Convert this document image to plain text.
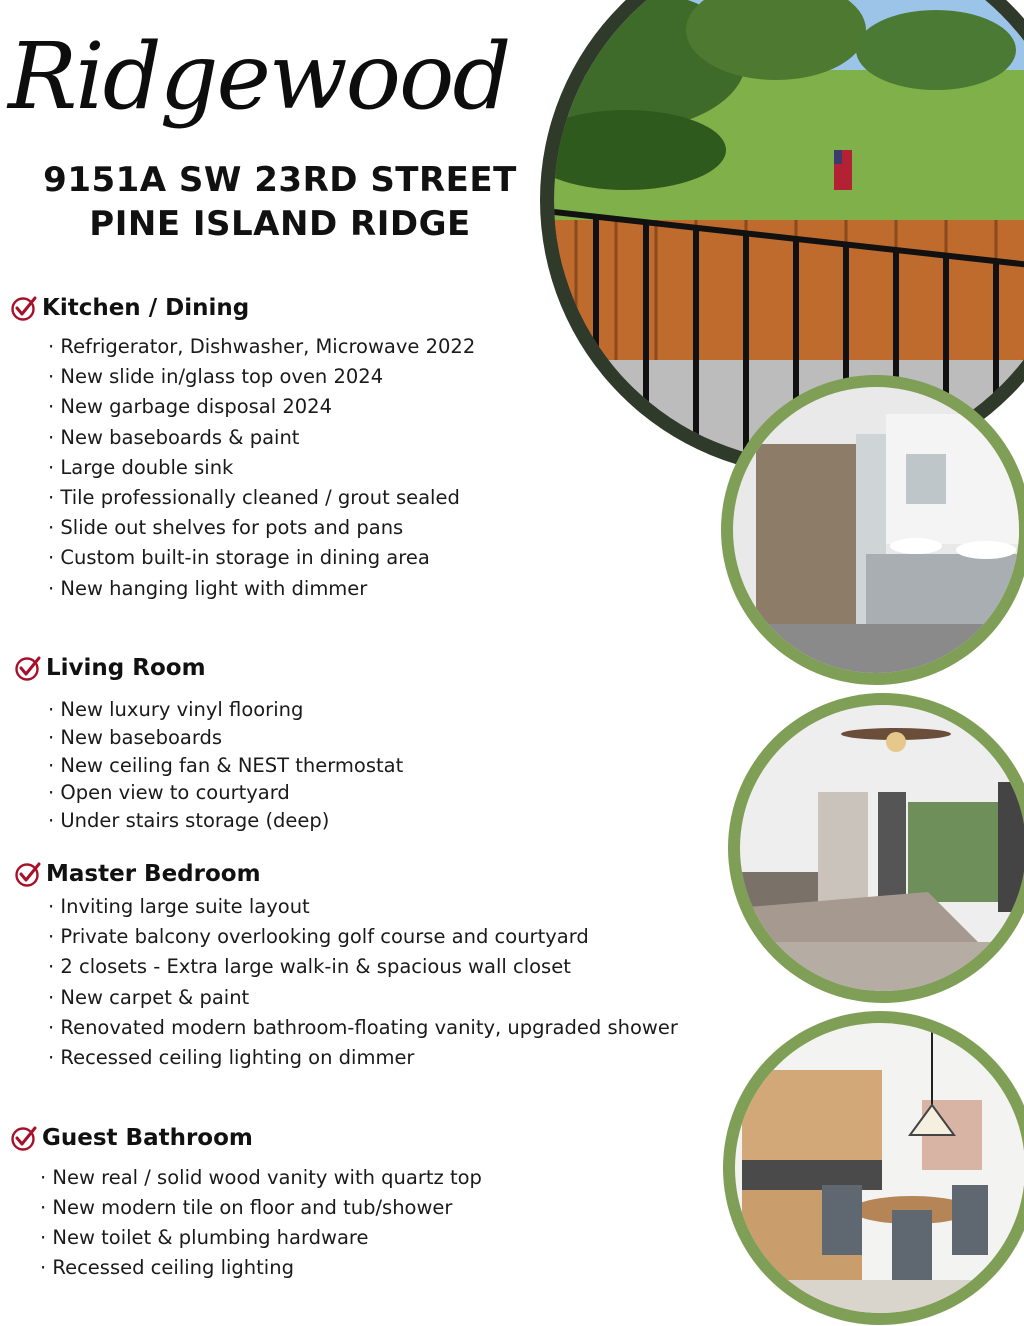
Ridgewood
9151A SW 23RD STREET
PINE ISLAND RIDGE
Kitchen / Dining
· Refrigerator, Dishwasher, Microwave 2022
· New slide in/glass top oven 2024
· New garbage disposal 2024
· New baseboards & paint
· Large double sink
· Tile professionally cleaned / grout sealed
· Slide out shelves for pots and pans
· Custom built-in storage in dining area
· New hanging light with dimmer
Living Room
· New luxury vinyl flooring
· New baseboards
· New ceiling fan & NEST thermostat
· Open view to courtyard
· Under stairs storage (deep)
Master Bedroom
· Inviting large suite layout
· Private balcony overlooking golf course and courtyard
· 2 closets - Extra large walk-in & spacious wall closet
· New carpet & paint
· Renovated modern bathroom-floating vanity, upgraded shower
· Recessed ceiling lighting on dimmer
Guest Bathroom
· New real / solid wood vanity with quartz top
· New modern tile on floor and tub/shower
· New toilet & plumbing hardware
· Recessed ceiling lighting
